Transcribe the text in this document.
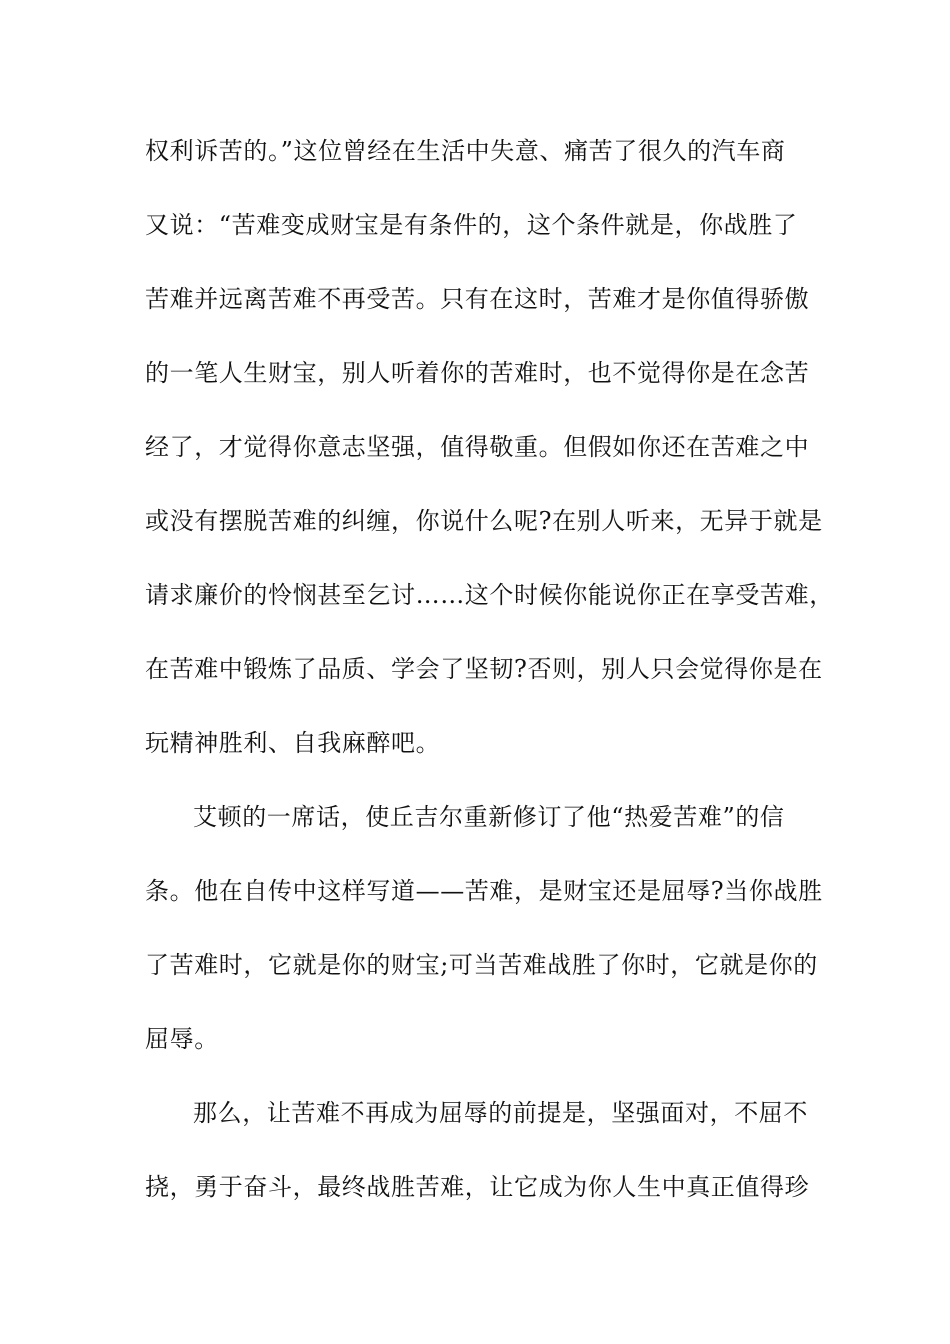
权利诉苦的。”这位曾经在生活中失意、痛苦了很久的汽车商
又说：“苦难变成财宝是有条件的，这个条件就是，你战胜了
苦难并远离苦难不再受苦。只有在这时，苦难才是你值得骄傲
的一笔人生财宝，别人听着你的苦难时，也不觉得你是在念苦
经了，才觉得你意志坚强，值得敬重。但假如你还在苦难之中
或没有摆脱苦难的纠缠，你说什么呢?在别人听来，无异于就是
请求廉价的怜悯甚至乞讨……这个时候你能说你正在享受苦难，
在苦难中锻炼了品质、学会了坚韧?否则，别人只会觉得你是在
玩精神胜利、自我麻醉吧。
艾顿的一席话，使丘吉尔重新修订了他“热爱苦难”的信
条。他在自传中这样写道——苦难，是财宝还是屈辱?当你战胜
了苦难时，它就是你的财宝;可当苦难战胜了你时，它就是你的
屈辱。
那么，让苦难不再成为屈辱的前提是，坚强面对，不屈不
挠，勇于奋斗，最终战胜苦难，让它成为你人生中真正值得珍
